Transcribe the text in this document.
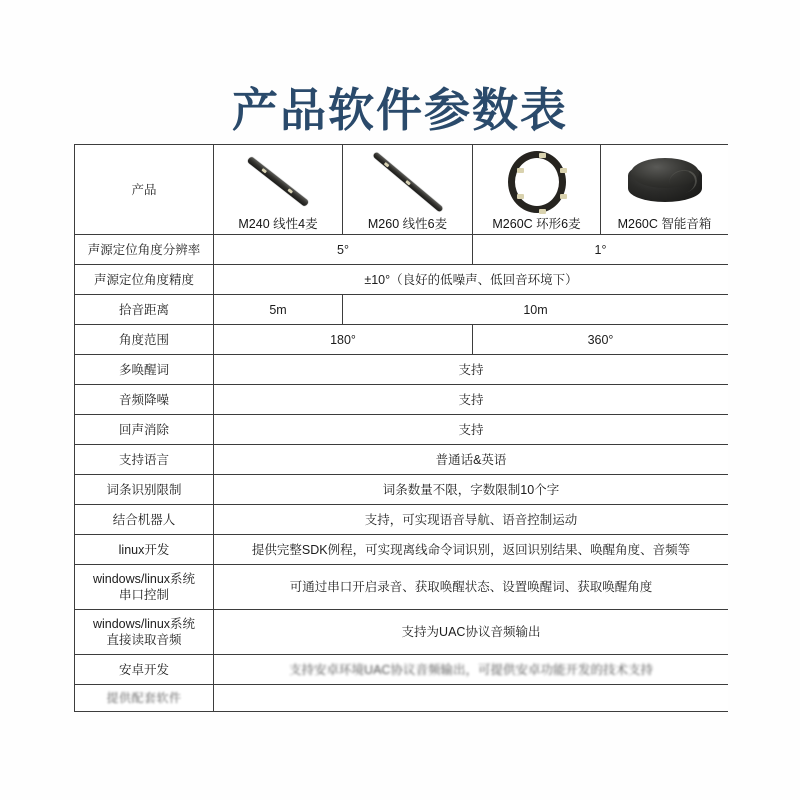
产品软件参数表
产品	M240 线性4麦	M260 线性6麦	M260C 环形6麦	M260C 智能音箱

声源定位角度分辨率	5°		1°	
声源定位角度精度	±10°（良好的低噪声、低回音环境下）			
拾音距离	5m	10m		
角度范围	180°		360°	
多唤醒词	支持			
音频降噪	支持			
回声消除	支持			
支持语言	普通话&英语			
词条识别限制	词条数量不限，字数限制10个字			
结合机器人	支持，可实现语音导航、语音控制运动			
linux开发	提供完整SDK例程，可实现离线命令词识别，返回识别结果、唤醒角度、音频等			

windows/linux系统
串口控制	可通过串口开启录音、获取唤醒状态、设置唤醒词、获取唤醒角度			

windows/linux系统
直接读取音频	支持为UAC协议音频输出			
安卓开发	支持安卓环境UAC协议音频输出，可提供安卓功能开发的技术支持			
提供配套软件				
